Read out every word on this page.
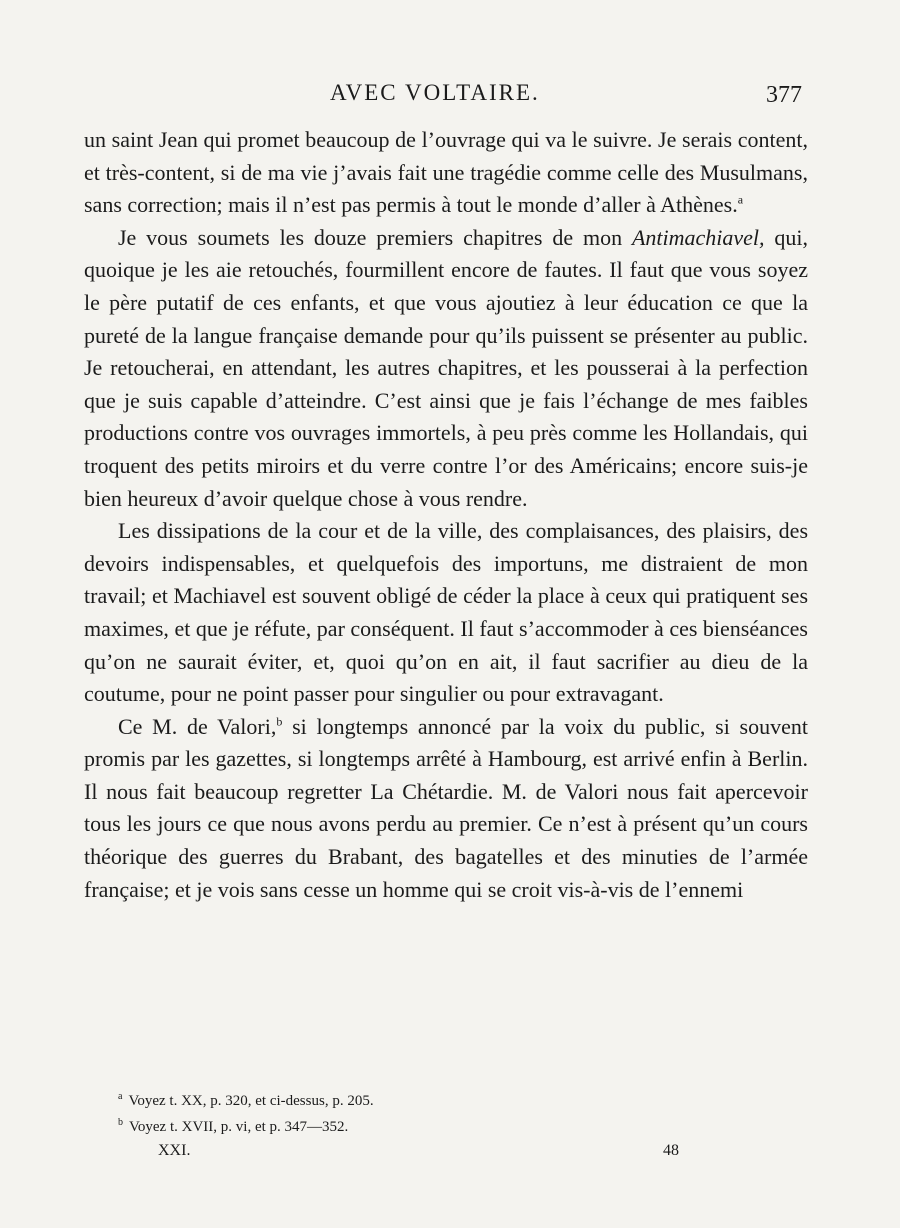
AVEC VOLTAIRE.	377

un saint Jean qui promet beaucoup de l’ouvrage qui va le suivre. Je serais content, et très-content, si de ma vie j’avais fait une tragédie comme celle des Musulmans, sans correction; mais il n’est pas permis à tout le monde d’aller à Athènes.$^a$

Je vous soumets les douze premiers chapitres de mon Antimachiavel, qui, quoique je les aie retouchés, fourmillent encore de fautes. Il faut que vous soyez le père putatif de ces enfants, et que vous ajoutiez à leur éducation ce que la pureté de la langue française demande pour qu’ils puissent se présenter au public. Je retoucherai, en attendant, les autres chapitres, et les pousserai à la perfection que je suis capable d’atteindre. C’est ainsi que je fais l’échange de mes faibles productions contre vos ouvrages immortels, à peu près comme les Hollandais, qui troquent des petits miroirs et du verre contre l’or des Américains; encore suis-je bien heureux d’avoir quelque chose à vous rendre.

Les dissipations de la cour et de la ville, des complaisances, des plaisirs, des devoirs indispensables, et quelquefois des importuns, me distraient de mon travail; et Machiavel est souvent obligé de céder la place à ceux qui pratiquent ses maximes, et que je réfute, par conséquent. Il faut s’accommoder à ces bienséances qu’on ne saurait éviter, et, quoi qu’on en ait, il faut sacrifier au dieu de la coutume, pour ne point passer pour singulier ou pour extravagant.

Ce M. de Valori,$^b$ si longtemps annoncé par la voix du public, si souvent promis par les gazettes, si longtemps arrêté à Hambourg, est arrivé enfin à Berlin. Il nous fait beaucoup regretter La Chétardie. M. de Valori nous fait apercevoir tous les jours ce que nous avons perdu au premier. Ce n’est à présent qu’un cours théorique des guerres du Brabant, des bagatelles et des minuties de l’armée française; et je vois sans cesse un homme qui se croit vis-à-vis de l’ennemi

$^a$ Voyez t. XX, p. 320, et ci-dessus, p. 205.
$^b$ Voyez t. XVII, p. vi, et p. 347—352.
XXI.	48
